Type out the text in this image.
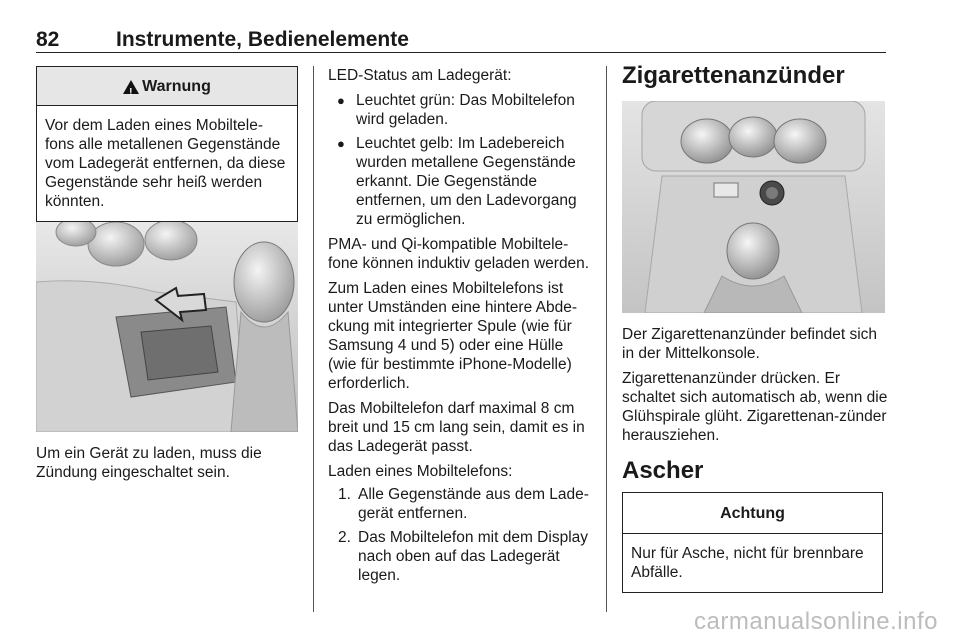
82	Instrumente, Bedienelemente
! Warnung
Vor dem Laden eines Mobiltele-fons alle metallenen Gegenstände vom Ladegerät entfernen, da diese Gegenstände sehr heiß werden könnten.

Um ein Gerät zu laden, muss die Zündung eingeschaltet sein.

LED-Status am Ladegerät:

● Leuchtet grün: Das Mobiltelefon wird geladen.
● Leuchtet gelb: Im Ladebereich wurden metallene Gegenstände erkannt. Die Gegenstände entfernen, um den Ladevorgang zu ermöglichen.

PMA- und Qi-kompatible Mobiltele-fone können induktiv geladen werden.

Zum Laden eines Mobiltelefons ist unter Umständen eine hintere Abde-ckung mit integrierter Spule (wie für Samsung 4 und 5) oder eine Hülle (wie für bestimmte iPhone-Modelle) erforderlich.

Das Mobiltelefon darf maximal 8 cm breit und 15 cm lang sein, damit es in das Ladegerät passt.

Laden eines Mobiltelefons:

1. Alle Gegenstände aus dem Lade-gerät entfernen.
2. Das Mobiltelefon mit dem Display nach oben auf das Ladegerät legen.
Zigarettenanzünder

Der Zigarettenanzünder befindet sich in der Mittelkonsole.

Zigarettenanzünder drücken. Er schaltet sich automatisch ab, wenn die Glühspirale glüht. Zigarettenan-zünder herausziehen.

Ascher
Achtung
Nur für Asche, nicht für brennbare Abfälle.
carmanualsonline.info
